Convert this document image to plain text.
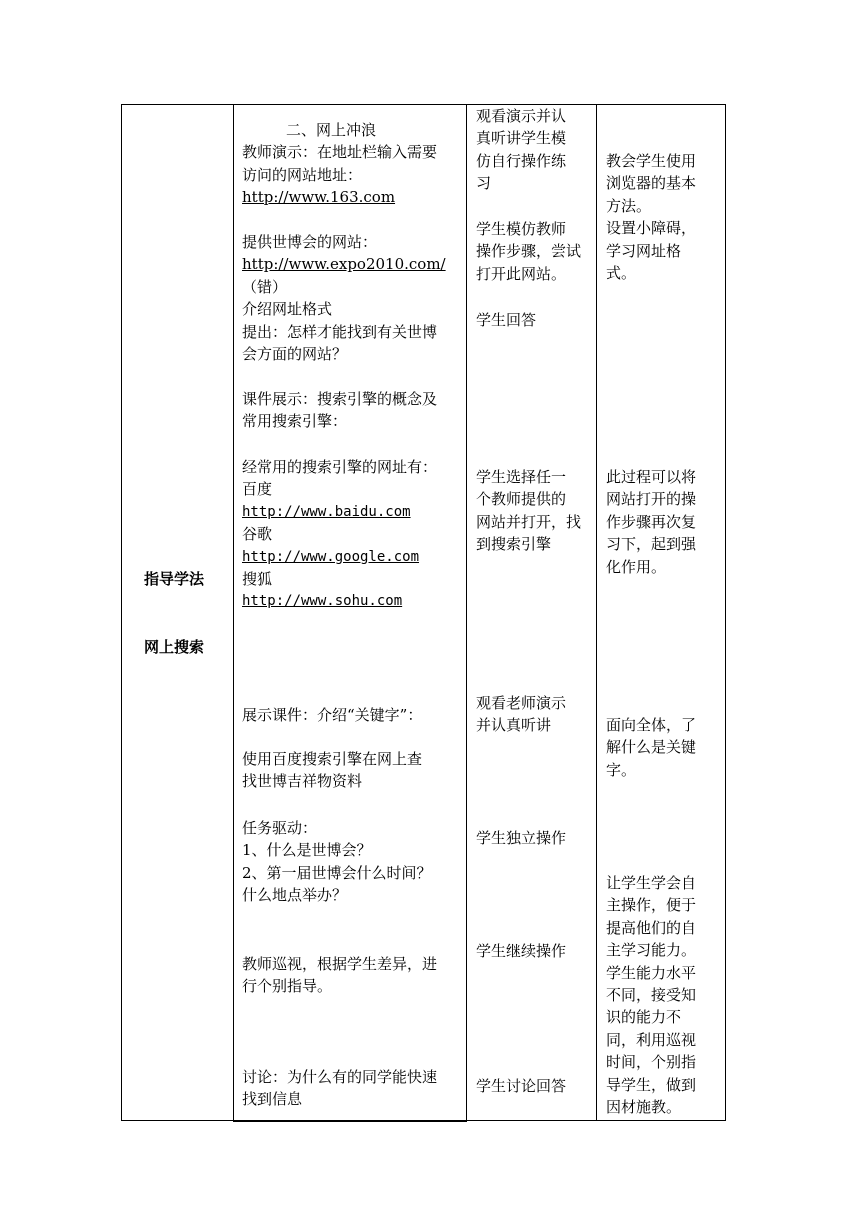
指导学法
网上搜索
二、网上冲浪
教师演示：在地址栏输入需要
访问的网站地址：
http://www.163.com
提供世博会的网站：
http://www.expo2010.com/
（错）
介绍网址格式
提出：怎样才能找到有关世博
会方面的网站？
课件展示：搜索引擎的概念及
常用搜索引擎：
经常用的搜索引擎的网址有：
百度
http://www.baidu.com
谷歌
http://www.google.com
搜狐
http://www.sohu.com
展示课件：介绍“关键字”：
使用百度搜索引擎在网上查
找世博吉祥物资料
任务驱动：
1、什么是世博会？
2、第一届世博会什么时间？
什么地点举办？
教师巡视，根据学生差异，进
行个别指导。
讨论：为什么有的同学能快速
找到信息
观看演示并认
真听讲学生模
仿自行操作练
习
学生模仿教师
操作步骤，尝试
打开此网站。
学生回答
学生选择任一
个教师提供的
网站并打开，找
到搜索引擎
观看老师演示
并认真听讲
学生独立操作
学生继续操作
学生讨论回答
教会学生使用
浏览器的基本
方法。
设置小障碍，
学习网址格
式。
此过程可以将
网站打开的操
作步骤再次复
习下，起到强
化作用。
面向全体，了
解什么是关键
字。
让学生学会自
主操作，便于
提高他们的自
主学习能力。
学生能力水平
不同，接受知
识的能力不
同，利用巡视
时间，个别指
导学生，做到
因材施教。
